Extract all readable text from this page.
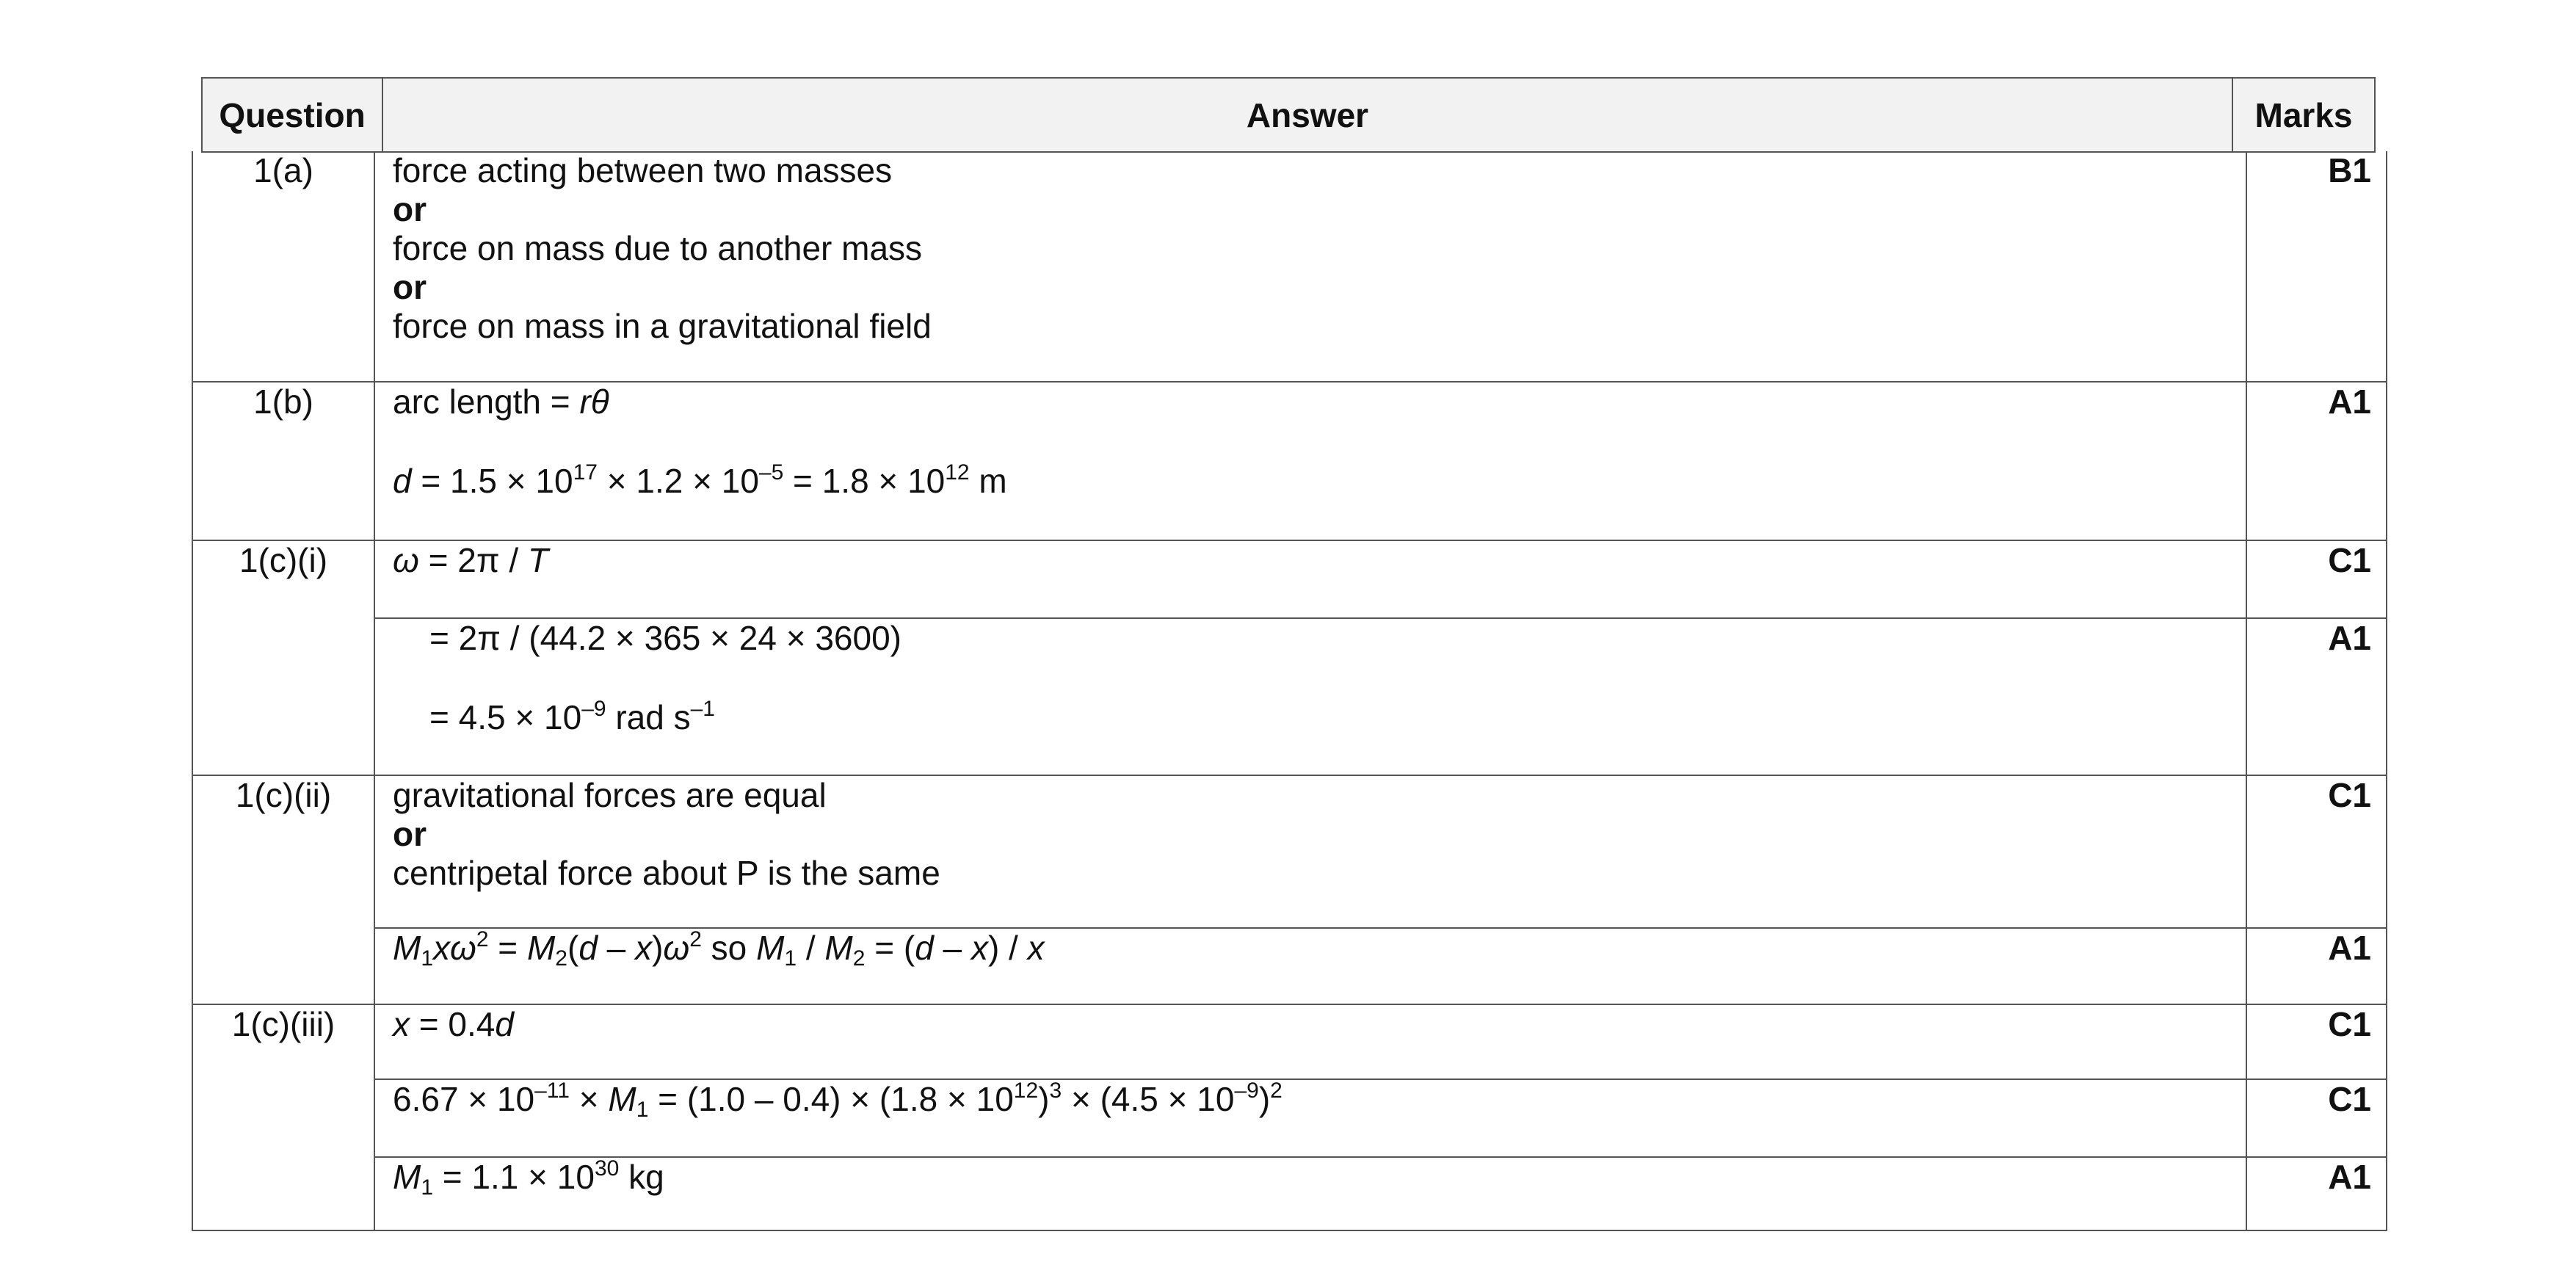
Question	Answer	Marks
1(a)	force acting between two masses
or
force on mass due to another mass
or
force on mass in a gravitational field	B1
1(b)	arc length = rθ
$d = 1.5 \times 10^{17} \times 1.2 \times 10^{-5} = 1.8 \times 10^{12}$ m	A1
1(c)(i)	ω = 2π / T	C1

	= 2π / (44.2 × 365 × 24 × 3600)
= $4.5 \times 10^{-9}$ rad $s^{-1}$	A1
1(c)(ii)	gravitational forces are equal
or
centripetal force about P is the same	C1

	$M_1x\omega^2 = M_2(d - x)\omega^2$ so $M_1 / M_2 = (d - x) / x$	A1
1(c)(iii)	x = 0.4d	C1

	$6.67 \times 10^{-11} \times M_1 = (1.0 - 0.4) \times (1.8 \times 10^{12})^3 \times (4.5 \times 10^{-9})^2$	C1

	$M_1 = 1.1 \times 10^{30}$ kg	A1
